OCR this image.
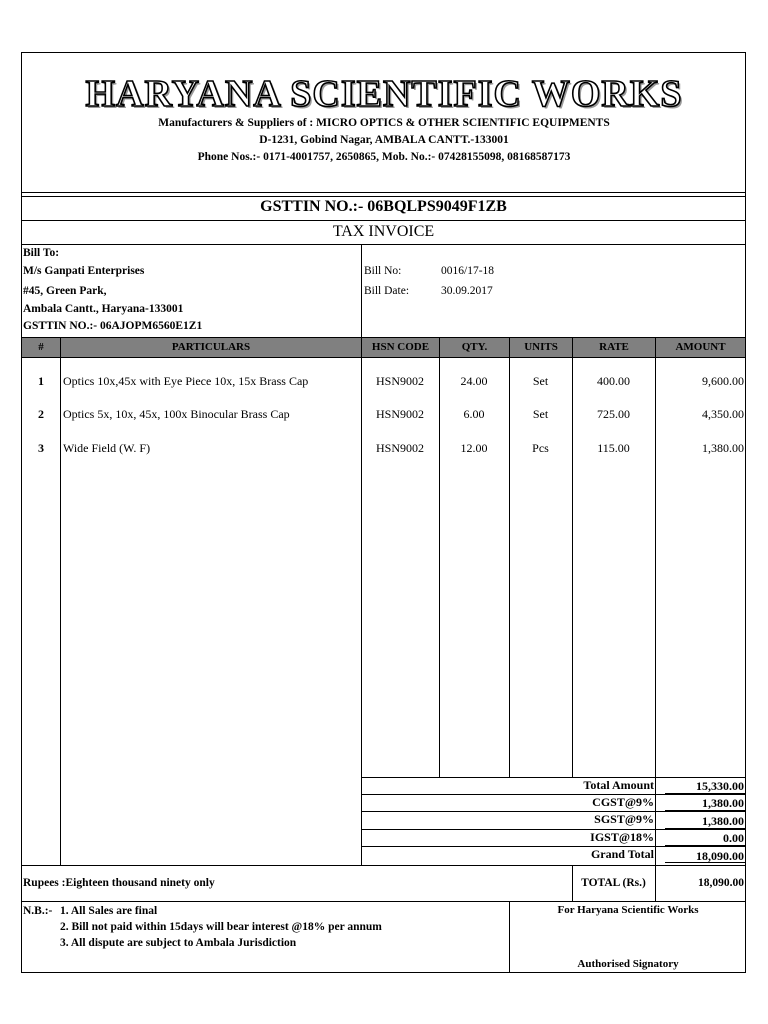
HARYANA SCIENTIFIC WORKS
Manufacturers & Suppliers of : MICRO OPTICS & OTHER SCIENTIFIC EQUIPMENTS
D-1231, Gobind Nagar, AMBALA CANTT.-133001
Phone Nos.:- 0171-4001757, 2650865, Mob. No.:- 07428155098, 08168587173
GSTTIN NO.:- 06BQLPS9049F1ZB
TAX INVOICE
Bill To:
M/s Ganpati Enterprises
#45, Green Park,
Ambala Cantt., Haryana-133001
GSTTIN NO.:- 06AJOPM6560E1Z1
Bill No:	0016/17-18
Bill Date:	30.09.2017
#	PARTICULARS	HSN CODE	QTY.	UNITS	RATE	AMOUNT
1	Optics 10x,45x with Eye Piece 10x, 15x Brass Cap	HSN9002	24.00	Set	400.00	9,600.00
2	Optics 5x, 10x, 45x, 100x Binocular Brass Cap	HSN9002	6.00	Set	725.00	4,350.00
3	Wide Field (W. F)	HSN9002	12.00	Pcs	115.00	1,380.00
Total Amount	15,330.00
CGST@9%	1,380.00
SGST@9%	1,380.00
IGST@18%	0.00
Grand Total	18,090.00
Rupees :Eighteen thousand ninety only	TOTAL (Rs.)	18,090.00
N.B.:- 1. All Sales are final
2. Bill not paid within 15days will bear interest @18% per annum
3. All dispute are subject to Ambala Jurisdiction
For Haryana Scientific Works
Authorised Signatory
